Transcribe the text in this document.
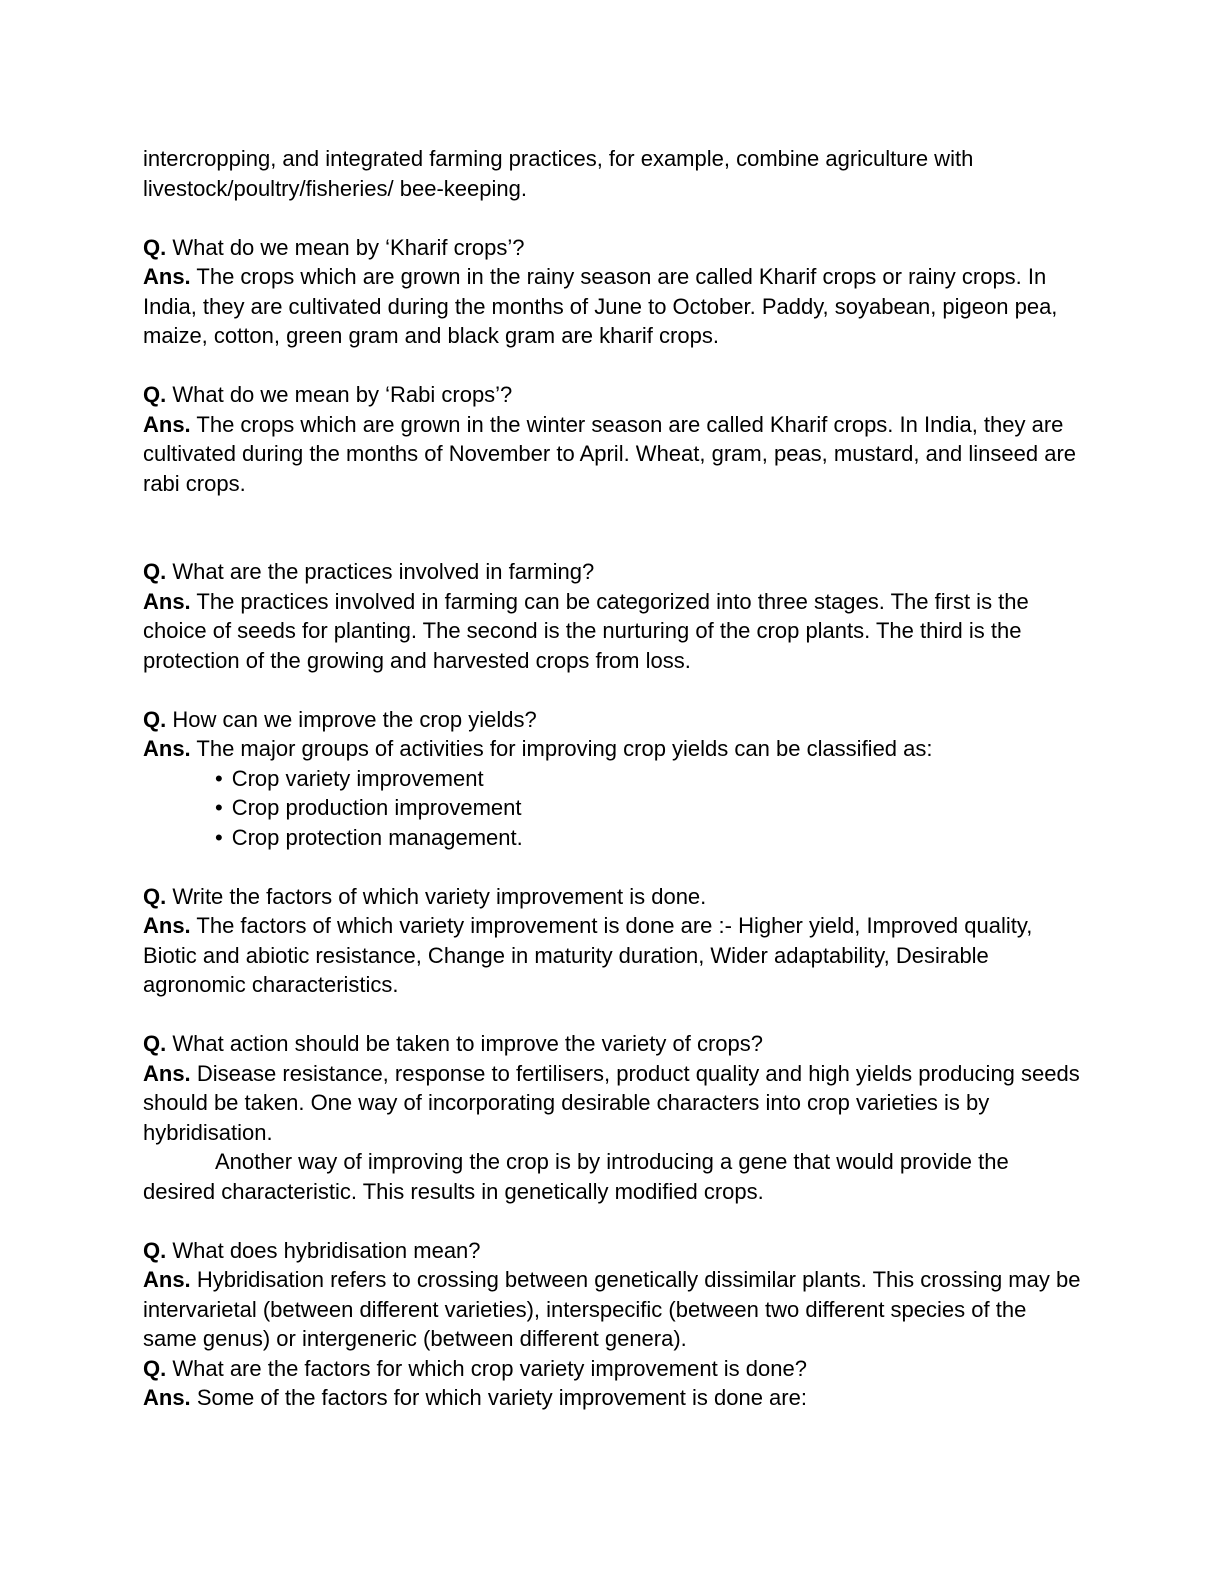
intercropping, and integrated farming practices, for example, combine agriculture with livestock/poultry/fisheries/ bee-keeping.

Q. What do we mean by ‘Kharif crops’?

Ans. The crops which are grown in the rainy season are called Kharif crops or rainy crops. In India, they are cultivated during the months of June to October. Paddy, soyabean, pigeon pea, maize, cotton, green gram and black gram are kharif crops.

Q. What do we mean by ‘Rabi crops’?

Ans. The crops which are grown in the winter season are called Kharif crops. In India, they are cultivated during the months of November to April. Wheat, gram, peas, mustard, and linseed are rabi crops.

Q. What are the practices involved in farming?

Ans. The practices involved in farming can be categorized into three stages. The first is the choice of seeds for planting. The second is the nurturing of the crop plants. The third is the protection of the growing and harvested crops from loss.

Q. How can we improve the crop yields?

Ans. The major groups of activities for improving crop yields can be classified as:

• Crop variety improvement
• Crop production improvement
• Crop protection management.

Q. Write the factors of which variety improvement is done.

Ans. The factors of which variety improvement is done are :- Higher yield, Improved quality, Biotic and abiotic resistance, Change in maturity duration, Wider adaptability, Desirable agronomic characteristics.

Q. What action should be taken to improve the variety of crops?

Ans. Disease resistance, response to fertilisers, product quality and high yields producing seeds should be taken. One way of incorporating desirable characters into crop varieties is by hybridisation.

Another way of improving the crop is by introducing a gene that would provide the desired characteristic. This results in genetically modified crops.

Q. What does hybridisation mean?

Ans. Hybridisation refers to crossing between genetically dissimilar plants. This crossing may be intervarietal (between different varieties), interspecific (between two different species of the same genus) or intergeneric (between different genera).

Q. What are the factors for which crop variety improvement is done?

Ans. Some of the factors for which variety improvement is done are:
